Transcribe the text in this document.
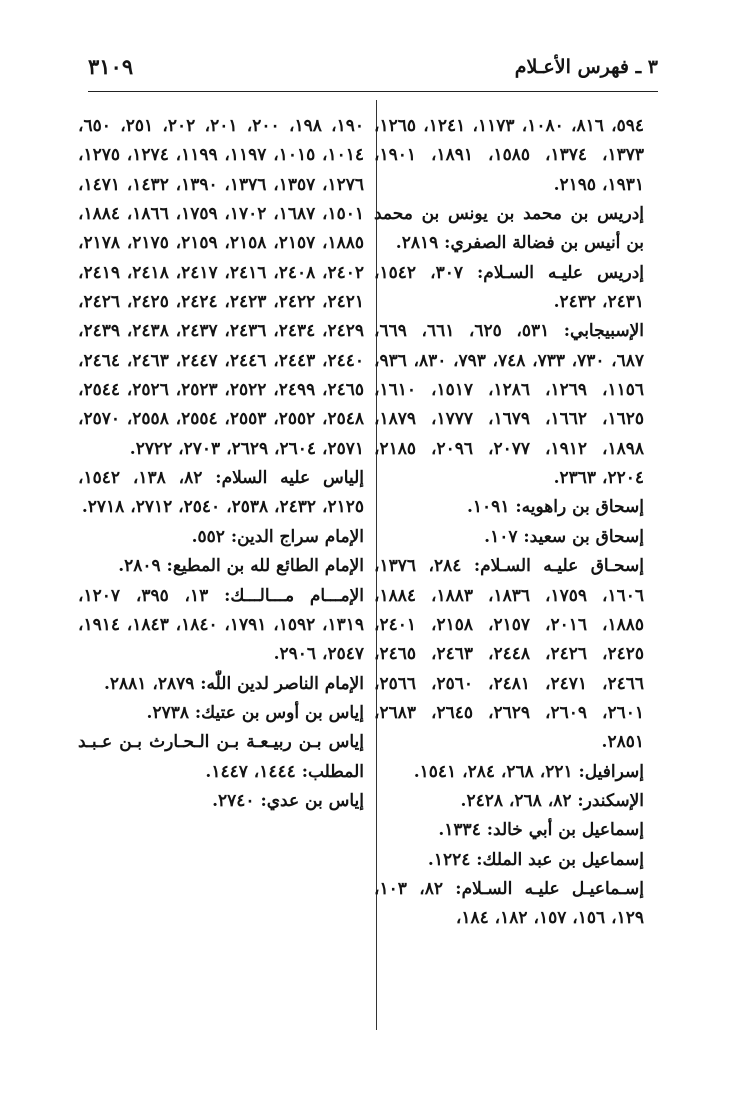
٣ ـ فهرس الأعـلام
٣١٠٩

٥٩٤، ٨١٦، ١٠٨٠، ١١٧٣، ١٢٤١، ١٢٦٥، ١٣٧٣، ١٣٧٤، ١٥٨٥، ١٨٩١، ١٩٠١، ١٩٣١، ٢١٩٥.

إدريس بن محمد بن يونس بن محمد بن أنيس بن فضالة الصفري: ٢٨١٩.

إدريس عليـه السـلام: ٣٠٧، ١٥٤٢، ٢٤٣١، ٢٤٣٢.

الإسبيجابي: ٥٣١، ٦٢٥، ٦٦١، ٦٦٩، ٦٨٧، ٧٣٠، ٧٣٣، ٧٤٨، ٧٩٣، ٨٣٠، ٩٣٦، ١١٥٦، ١٢٦٩، ١٢٨٦، ١٥١٧، ١٦١٠، ١٦٢٥، ١٦٦٢، ١٦٧٩، ١٧٧٧، ١٨٧٩، ١٨٩٨، ١٩١٢، ٢٠٧٧، ٢٠٩٦، ٢١٨٥، ٢٢٠٤، ٢٣٦٣.

إسحاق بن راهويه: ١٠٩١.

إسحاق بن سعيد: ١٠٧.

إسحـاق عليـه السـلام: ٢٨٤، ١٣٧٦، ١٦٠٦، ١٧٥٩، ١٨٣٦، ١٨٨٣، ١٨٨٤، ١٨٨٥، ٢٠١٦، ٢١٥٧، ٢١٥٨، ٢٤٠١، ٢٤٢٥، ٢٤٢٦، ٢٤٤٨، ٢٤٦٣، ٢٤٦٥، ٢٤٦٦، ٢٤٧١، ٢٤٨١، ٢٥٦٠، ٢٥٦٦، ٢٦٠١، ٢٦٠٩، ٢٦٢٩، ٢٦٤٥، ٢٦٨٣، ٢٨٥١.

إسرافيل: ٢٢١، ٢٦٨، ٢٨٤، ١٥٤١.

الإسكندر: ٨٢، ٢٦٨، ٢٤٢٨.

إسماعيل بن أبي خالد: ١٣٣٤.

إسماعيل بن عبد الملك: ١٢٢٤.

إسـماعيـل عليـه السـلام: ٨٢، ١٠٣، ١٢٩، ١٥٦، ١٥٧، ١٨٢، ١٨٤،

١٩٠، ١٩٨، ٢٠٠، ٢٠١، ٢٠٢، ٢٥١، ٦٥٠، ١٠١٤، ١٠١٥، ١١٩٧، ١١٩٩، ١٢٧٤، ١٢٧٥، ١٢٧٦، ١٣٥٧، ١٣٧٦، ١٣٩٠، ١٤٣٢، ١٤٧١، ١٥٠١، ١٦٨٧، ١٧٠٢، ١٧٥٩، ١٨٦٦، ١٨٨٤، ١٨٨٥، ٢١٥٧، ٢١٥٨، ٢١٥٩، ٢١٧٥، ٢١٧٨، ٢٤٠٢، ٢٤٠٨، ٢٤١٦، ٢٤١٧، ٢٤١٨، ٢٤١٩، ٢٤٢١، ٢٤٢٢، ٢٤٢٣، ٢٤٢٤، ٢٤٢٥، ٢٤٢٦، ٢٤٢٩، ٢٤٣٤، ٢٤٣٦، ٢٤٣٧، ٢٤٣٨، ٢٤٣٩، ٢٤٤٠، ٢٤٤٣، ٢٤٤٦، ٢٤٤٧، ٢٤٦٣، ٢٤٦٤، ٢٤٦٥، ٢٤٩٩، ٢٥٢٢، ٢٥٢٣، ٢٥٢٦، ٢٥٤٤، ٢٥٤٨، ٢٥٥٢، ٢٥٥٣، ٢٥٥٤، ٢٥٥٨، ٢٥٧٠، ٢٥٧١، ٢٦٠٤، ٢٦٢٩، ٢٧٠٣، ٢٧٢٢.

إلياس عليه السلام: ٨٢، ١٣٨، ١٥٤٢، ٢١٢٥، ٢٤٣٢، ٢٥٣٨، ٢٥٤٠، ٢٧١٢، ٢٧١٨.

الإمام سراج الدين: ٥٥٢.

الإمام الطائع لله بن المطيع: ٢٨٠٩.

الإمـــام مـــالـــك: ١٣، ٣٩٥، ١٢٠٧، ١٣١٩، ١٥٩٢، ١٧٩١، ١٨٤٠، ١٨٤٣، ١٩١٤، ٢٥٤٧، ٢٩٠٦.

الإمام الناصر لدين اللّٰه: ٢٨٧٩، ٢٨٨١.

إياس بن أوس بن عتيك: ٢٧٣٨.

إياس بـن ربيـعـة بـن الـحـارث بـن عـبـد المطلب: ١٤٤٤، ١٤٤٧.

إياس بن عدي: ٢٧٤٠.
